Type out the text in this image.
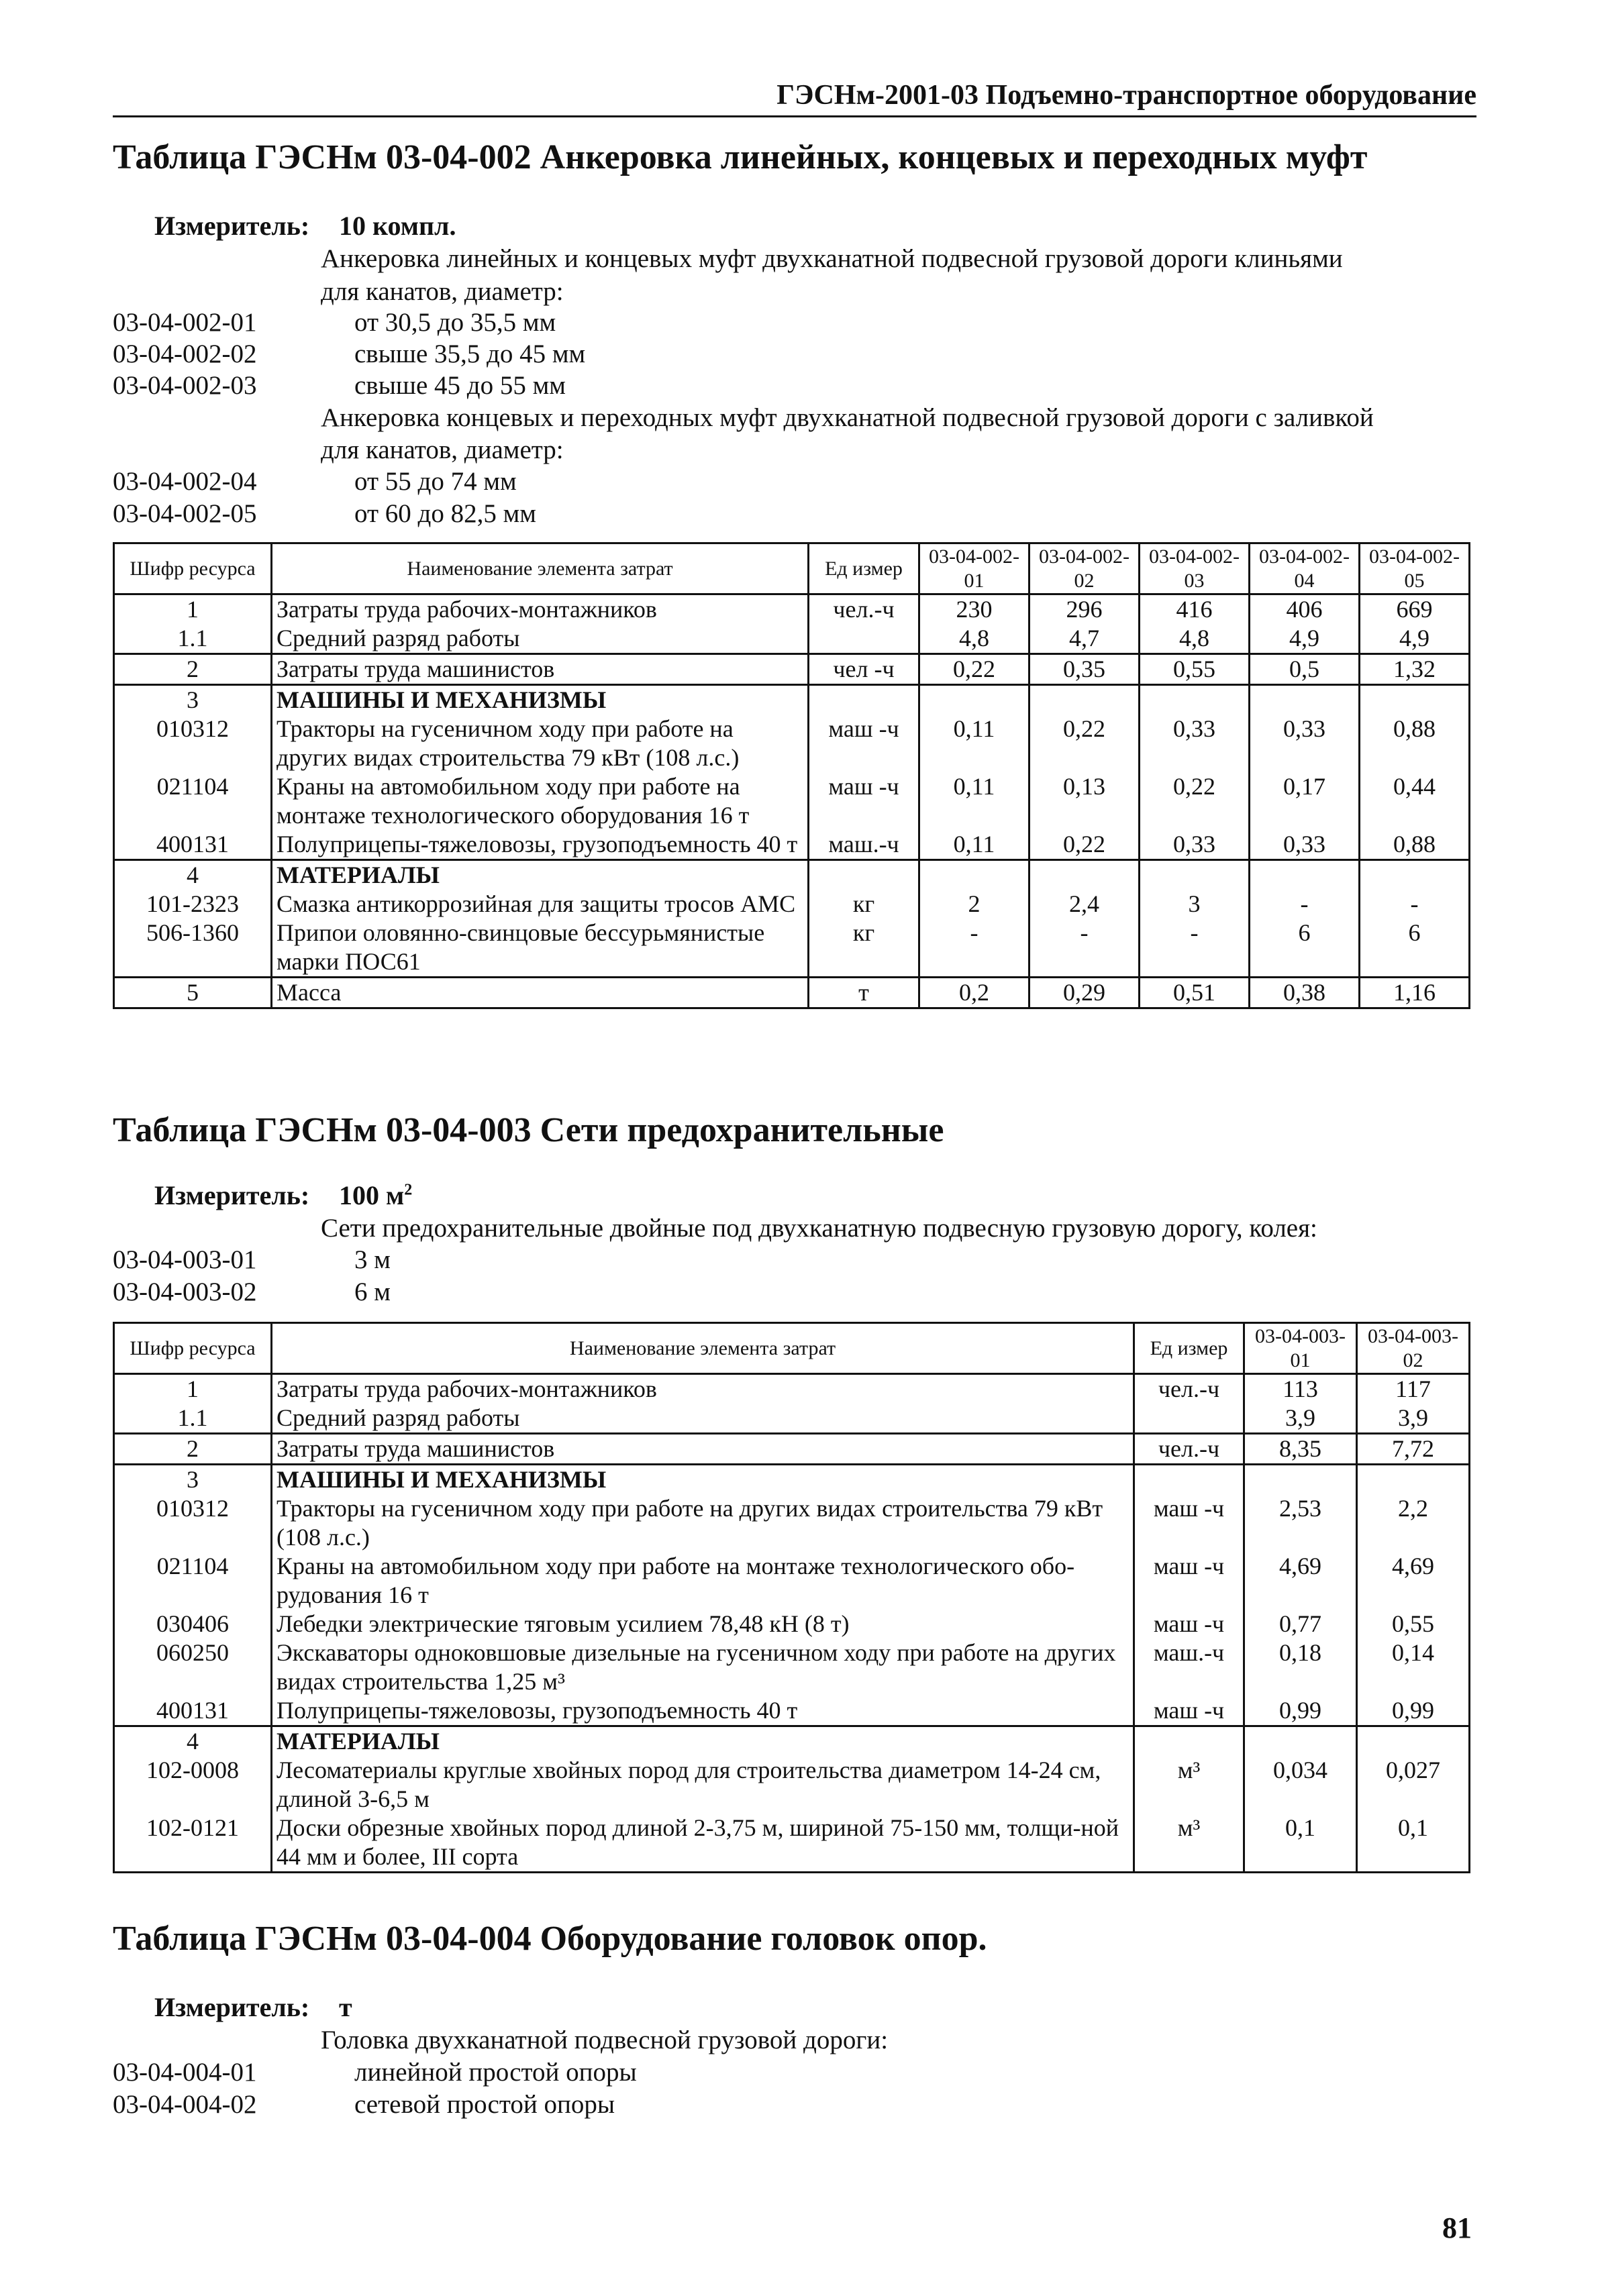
ГЭСНм-2001-03 Подъемно-транспортное оборудование
Таблица ГЭСНм 03-04-002 Анкеровка линейных, концевых и переходных муфт
Измеритель: 10 компл.
Анкеровка линейных и концевых муфт двухканатной подвесной грузовой дороги клиньями
для канатов, диаметр:
03-04-002-01	от 30,5 до 35,5 мм
03-04-002-02	свыше 35,5 до 45 мм
03-04-002-03	свыше 45 до 55 мм
Анкеровка концевых и переходных муфт двухканатной подвесной грузовой дороги с заливкой
для канатов, диаметр:
03-04-002-04	от 55 до 74 мм
03-04-002-05	от 60 до 82,5 мм
Шифр ресурса	Наименование элемента затрат	Ед измер	03-04-002-01	03-04-002-02	03-04-002-03	03-04-002-04	03-04-002-05
1	Затраты труда рабочих-монтажников	чел.-ч	230	296	416	406	669
1.1	Средний разряд работы		4,8	4,7	4,8	4,9	4,9
2	Затраты труда машинистов	чел -ч	0,22	0,35	0,55	0,5	1,32
3	МАШИНЫ И МЕХАНИЗМЫ						
010312	Тракторы на гусеничном ходу при работе на других видах строительства 79 кВт (108 л.с.)	маш -ч	0,11	0,22	0,33	0,33	0,88
021104	Краны на автомобильном ходу при работе на монтаже технологического оборудования 16 т	маш -ч	0,11	0,13	0,22	0,17	0,44
400131	Полуприцепы-тяжеловозы, грузоподъемность 40 т	маш.-ч	0,11	0,22	0,33	0,33	0,88
4	МАТЕРИАЛЫ						
101-2323	Смазка антикоррозийная для защиты тросов АМС	кг	2	2,4	3	-	-
506-1360	Припои оловянно-свинцовые бессурьмянистые марки ПОС61	кг	-	-	-	6	6
5	Масса	т	0,2	0,29	0,51	0,38	1,16
Таблица ГЭСНм 03-04-003 Сети предохранительные
Измеритель: 100 $м^2$
Сети предохранительные двойные под двухканатную подвесную грузовую дорогу, колея:
03-04-003-01	3 м
03-04-003-02	6 м
Шифр ресурса	Наименование элемента затрат	Ед измер	03-04-003-01	03-04-003-02
1	Затраты труда рабочих-монтажников	чел.-ч	113	117
1.1	Средний разряд работы		3,9	3,9
2	Затраты труда машинистов	чел.-ч	8,35	7,72
3	МАШИНЫ И МЕХАНИЗМЫ			
010312	Тракторы на гусеничном ходу при работе на других видах строительства 79 кВт (108 л.с.)	маш -ч	2,53	2,2
021104	Краны на автомобильном ходу при работе на монтаже технологического обо-рудования 16 т	маш -ч	4,69	4,69
030406	Лебедки электрические тяговым усилием 78,48 кН (8 т)	маш -ч	0,77	0,55
060250	Экскаваторы одноковшовые дизельные на гусеничном ходу при работе на других видах строительства 1,25 м³	маш.-ч	0,18	0,14
400131	Полуприцепы-тяжеловозы, грузоподъемность 40 т	маш -ч	0,99	0,99
4	МАТЕРИАЛЫ			
102-0008	Лесоматериалы круглые хвойных пород для строительства диаметром 14-24 см, длиной 3-6,5 м	м³	0,034	0,027
102-0121	Доски обрезные хвойных пород длиной 2-3,75 м, шириной 75-150 мм, толщи-ной 44 мм и более, III сорта	м³	0,1	0,1
Таблица ГЭСНм 03-04-004 Оборудование головок опор.
Измеритель: т
Головка двухканатной подвесной грузовой дороги:
03-04-004-01	линейной простой опоры
03-04-004-02	сетевой простой опоры
81
